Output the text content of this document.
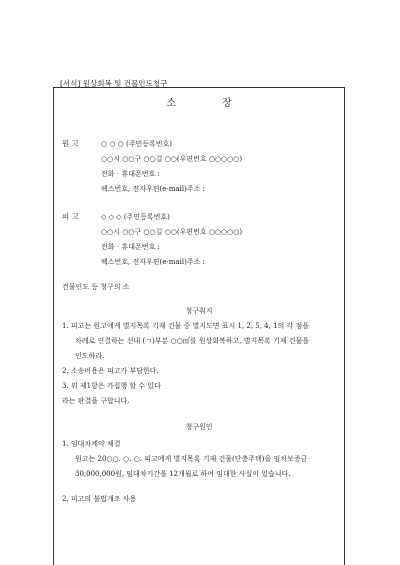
[서식] 원상회복 및 건물인도청구
소	장
원 고	○ ○ ○ (주민등록번호)
○○시 ○○구 ○○길 ○○(우편번호 ○○○○○)
전화‧휴대폰번호 :
팩스번호, 전자우편(e-mail)주소 :
피 고	◇ ◇ ◇ (주민등록번호)
○○시 ○○구 ○○길 ○○(우편번호 ○○○○○)
전화‧휴대폰번호 :
팩스번호, 전자우편(e-mail)주소 :
건물인도 등 청구의 소
청구취지
1. 피고는 원고에게 별지목록 기재 건물 중 별지도면 표시 1, 2, 5, 4, 1의 각 점을
차례로 연결하는 선내 (ㄱ)부분 ○○㎡를 원상회복하고, 별지목록 기재 건물을
인도하라.
2. 소송비용은 피고가 부담한다.
3. 위 제1항은 가집행 할 수 있다
라는 판결을 구합니다.
청구원인
1. 임대차계약 체결
원고는 20○○. ○. ○. 피고에게 별지목록 기재 건물(단층주택)을 임차보증금
30,000,000원, 임대차기간을 12개월로 하여 임대한 사실이 있습니다.
2. 피고의 불법개조 사용
